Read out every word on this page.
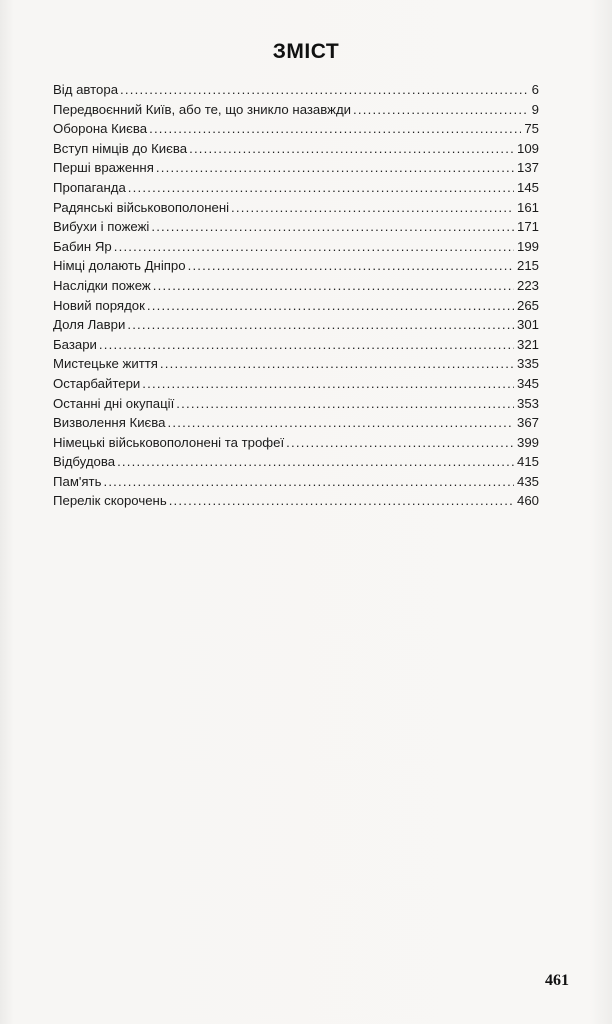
ЗМІСТ
Від автора .....	6
Передвоєнний Київ, або те, що зникло назавжди .....	9
Оборона Києва .....	75
Вступ німців до Києва .....	109
Перші враження .....	137
Пропаганда .....	145
Радянські військовополонені .....	161
Вибухи і пожежі .....	171
Бабин Яр .....	199
Німці долають Дніпро .....	215
Наслідки пожеж .....	223
Новий порядок .....	265
Доля Лаври .....	301
Базари .....	321
Мистецьке життя .....	335
Остарбайтери .....	345
Останні дні окупації .....	353
Визволення Києва .....	367
Німецькі військовополонені та трофеї .....	399
Відбудова .....	415
Пам'ять .....	435
Перелік скорочень .....	460
461
